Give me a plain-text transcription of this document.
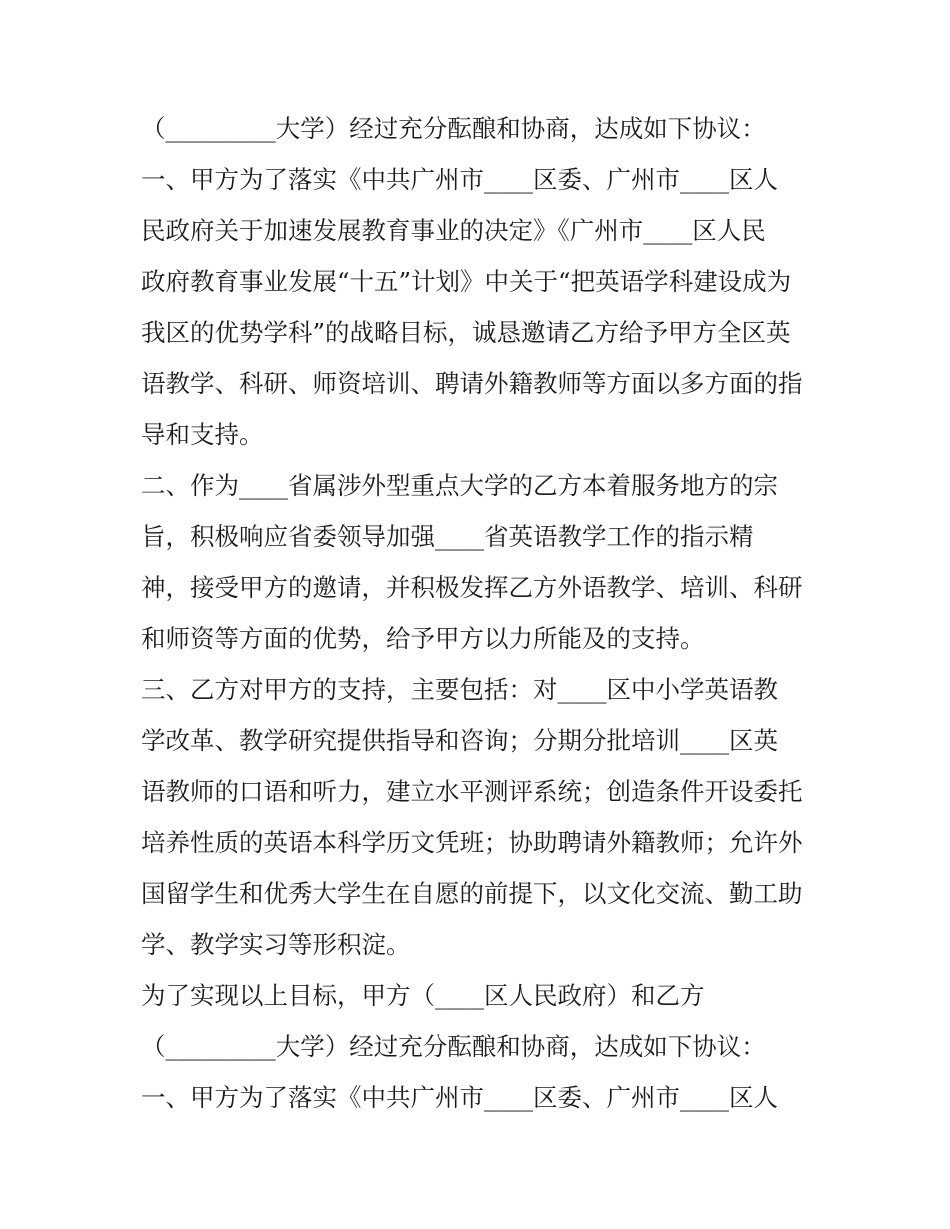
（_________大学）经过充分酝酿和协商，达成如下协议：
一、甲方为了落实《中共广州市____区委、广州市____区人
民政府关于加速发展教育事业的决定》《广州市____区人民
政府教育事业发展“十五”计划》中关于“把英语学科建设成为
我区的优势学科”的战略目标，诚恳邀请乙方给予甲方全区英
语教学、科研、师资培训、聘请外籍教师等方面以多方面的指
导和支持。
二、作为____省属涉外型重点大学的乙方本着服务地方的宗
旨，积极响应省委领导加强____省英语教学工作的指示精
神，接受甲方的邀请，并积极发挥乙方外语教学、培训、科研
和师资等方面的优势，给予甲方以力所能及的支持。
三、乙方对甲方的支持，主要包括：对____区中小学英语教
学改革、教学研究提供指导和咨询；分期分批培训____区英
语教师的口语和听力，建立水平测评系统；创造条件开设委托
培养性质的英语本科学历文凭班；协助聘请外籍教师；允许外
国留学生和优秀大学生在自愿的前提下，以文化交流、勤工助
学、教学实习等形积淀。
为了实现以上目标，甲方（____区人民政府）和乙方
（_________大学）经过充分酝酿和协商，达成如下协议：
一、甲方为了落实《中共广州市____区委、广州市____区人
